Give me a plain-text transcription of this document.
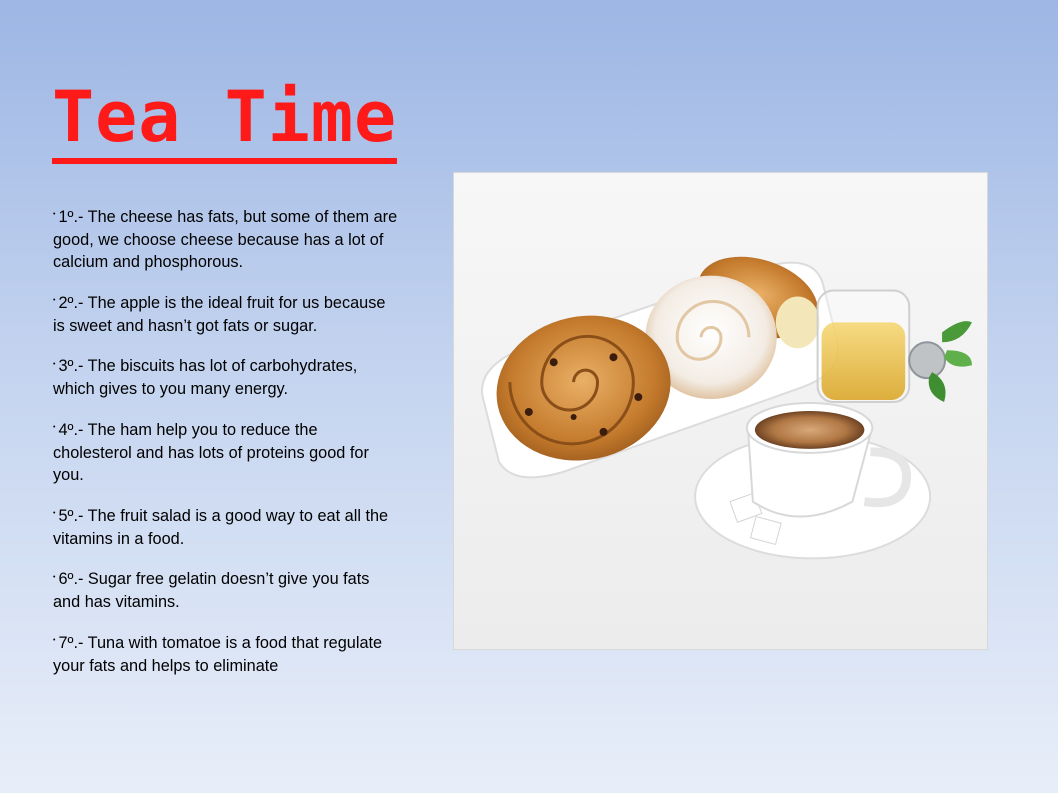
Tea Time
• 1º.- The cheese has fats, but some of them are good, we choose cheese because has a lot of calcium and phosphorous.
• 2º.- The apple is the ideal fruit for us because is sweet and hasn’t got fats or sugar.
• 3º.- The biscuits has lot of carbohydrates, which gives to you many energy.
• 4º.- The ham help you to reduce the cholesterol and has lots of proteins good for you.
• 5º.- The fruit salad is a good way to eat all the vitamins in a food.
• 6º.- Sugar free gelatin doesn’t give you fats and has vitamins.
• 7º.- Tuna with tomatoe is a food that regulate your fats and helps to eliminate
